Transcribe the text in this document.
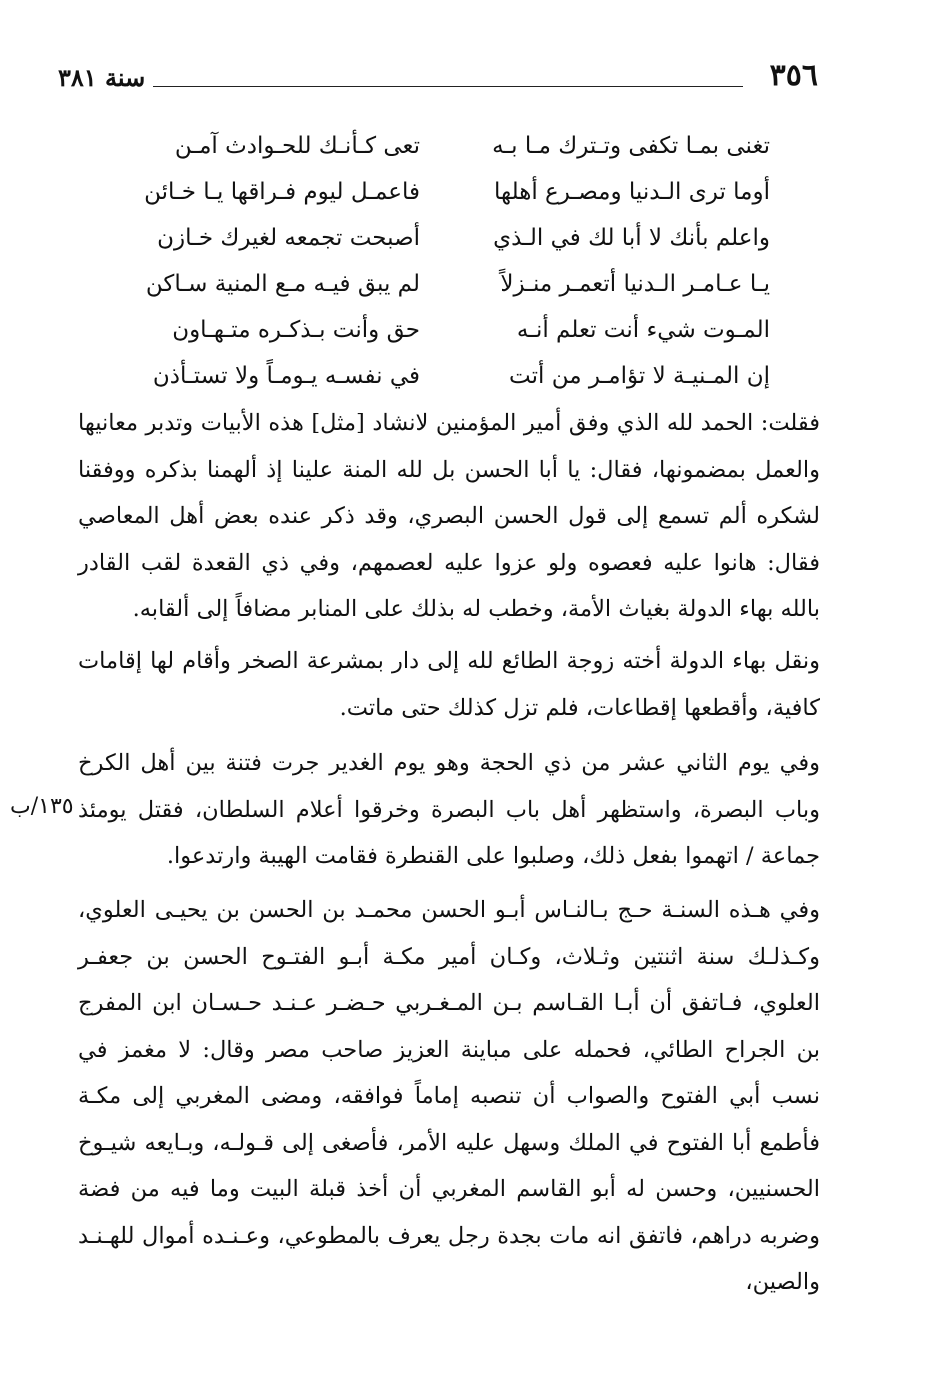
٣٥٦
سنة ٣٨١
تغنى بمـا تكفى وتـترك مـا بـه
تعى كـأنـك للحـوادث آمـن
أوما ترى الـدنيا ومصـرع أهلها
فاعمـل ليوم فـراقها يـا خـائن
واعلم بأنك لا أبا لك في الـذي
أصبحت تجمعه لغيرك خـازن
يـا عـامـر الـدنيا أتعمـر منـزلاً
لم يبق فيـه مـع المنية سـاكن
المـوت شيء أنت تعلم أنـه
حق وأنت بـذكـره متـهـاون
إن المـنيـة لا تؤامـر من أتت
في نفسـه يـومـاً ولا تستـأذن

فقلت: الحمد لله الذي وفق أمير المؤمنين لانشاد [مثل] هذه الأبيات وتدبر معانيها والعمل بمضمونها، فقال: يا أبا الحسن بل لله المنة علينا إذ ألهمنا بذكره ووفقنا لشكره ألم تسمع إلى قول الحسن البصري، وقد ذكر عنده بعض أهل المعاصي فقال: هانوا عليه فعصوه ولو عزوا عليه لعصمهم، وفي ذي القعدة لقب القادر بالله بهاء الدولة بغياث الأمة، وخطب له بذلك على المنابر مضافاً إلى ألقابه.

ونقل بهاء الدولة أخته زوجة الطائع لله إلى دار بمشرعة الصخر وأقام لها إقامات كافية، وأقطعها إقطاعات، فلم تزل كذلك حتى ماتت.

وفي يوم الثاني عشر من ذي الحجة وهو يوم الغدير جرت فتنة بين أهل الكرخ وباب البصرة، واستظهر أهل باب البصرة وخرقوا أعلام السلطان، فقتل يومئذ جماعة / اتهموا بفعل ذلك، وصلبوا على القنطرة فقامت الهيبة وارتدعوا.

١٣٥/ب

وفي هـذه السنـة حـج بـالنـاس أبـو الحسن محمـد بن الحسن بن يحيـى العلوي، وكـذلـك سنة اثنتين وثـلاث، وكـان أمير مكـة أبـو الفتـوح الحسن بن جعفـر العلوي، فـاتفق أن أبـا القـاسم بـن المـغـربي حـضـر عـنـد حـسـان ابن المفرج بن الجراح الطائي، فحمله على مباينة العزيز صاحب مصر وقال: لا مغمز في نسب أبي الفتوح والصواب أن تنصبه إماماً فوافقه، ومضى المغربي إلى مكـة فأطمع أبا الفتوح في الملك وسهل عليه الأمر، فأصغى إلى قـولـه، وبـايعه شيـوخ الحسنيين، وحسن له أبو القاسم المغربي أن أخذ قبلة البيت وما فيه من فضة وضربه دراهم، فاتفق انه مات بجدة رجل يعرف بالمطوعي، وعـنـده أموال للهـنـد والصين،
